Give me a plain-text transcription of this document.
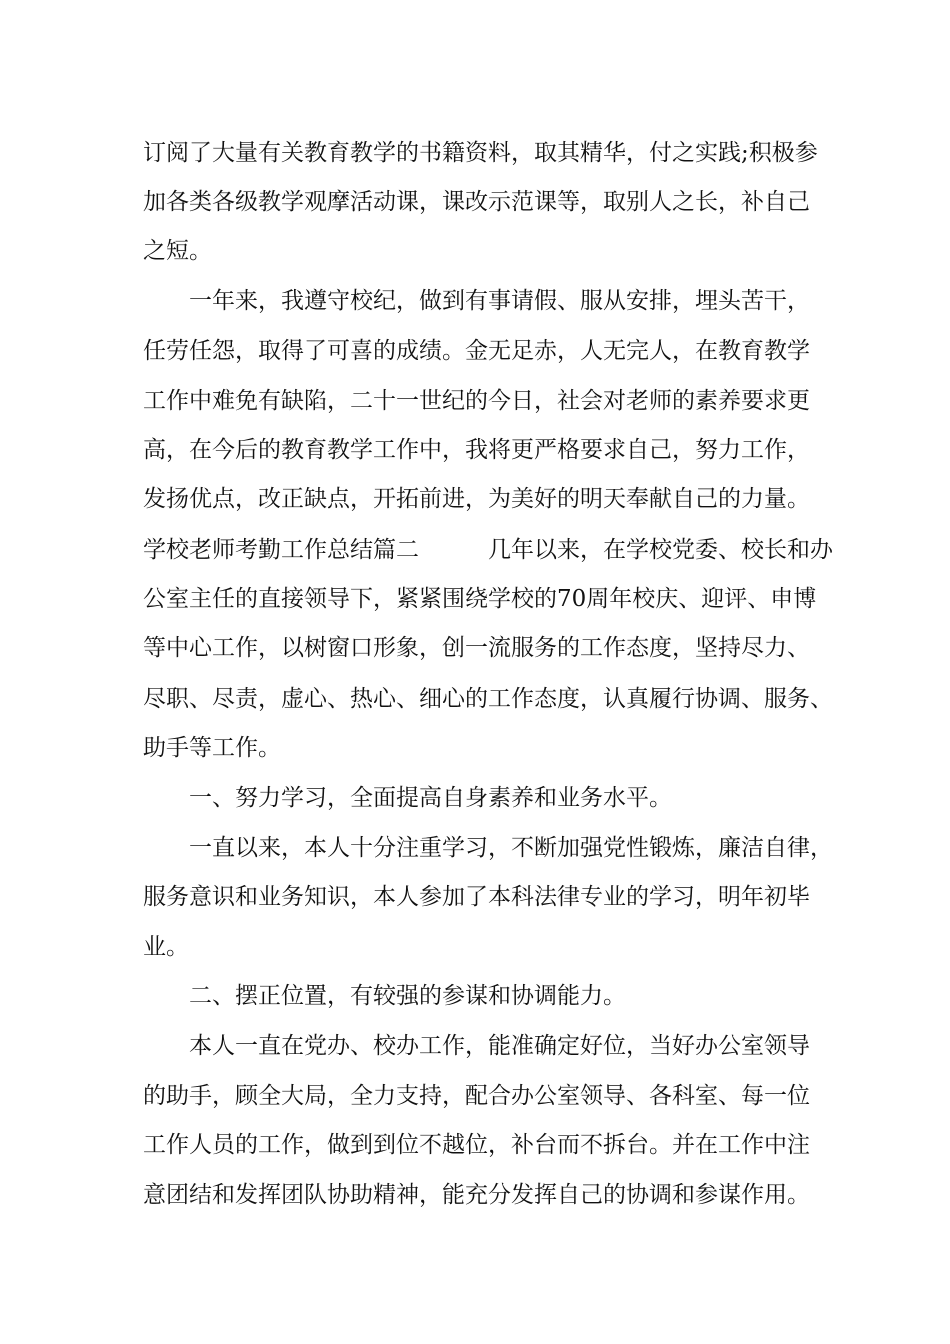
订阅了大量有关教育教学的书籍资料，取其精华，付之实践;积极参
加各类各级教学观摩活动课，课改示范课等，取别人之长，补自己
之短。
　　一年来，我遵守校纪，做到有事请假、服从安排，埋头苦干，
任劳任怨，取得了可喜的成绩。金无足赤，人无完人，在教育教学
工作中难免有缺陷，二十一世纪的今日，社会对老师的素养要求更
高，在今后的教育教学工作中，我将更严格要求自己，努力工作，
发扬优点，改正缺点，开拓前进，为美好的明天奉献自己的力量。
学校老师考勤工作总结篇二　　　几年以来，在学校党委、校长和办
公室主任的直接领导下，紧紧围绕学校的70周年校庆、迎评、申博
等中心工作，以树窗口形象，创一流服务的工作态度，坚持尽力、
尽职、尽责，虚心、热心、细心的工作态度，认真履行协调、服务、
助手等工作。
　　一、努力学习，全面提高自身素养和业务水平。
　　一直以来，本人十分注重学习，不断加强党性锻炼，廉洁自律，
服务意识和业务知识，本人参加了本科法律专业的学习，明年初毕
业。
　　二、摆正位置，有较强的参谋和协调能力。
　　本人一直在党办、校办工作，能准确定好位，当好办公室领导
的助手，顾全大局，全力支持，配合办公室领导、各科室、每一位
工作人员的工作，做到到位不越位，补台而不拆台。并在工作中注
意团结和发挥团队协助精神，能充分发挥自己的协调和参谋作用。
